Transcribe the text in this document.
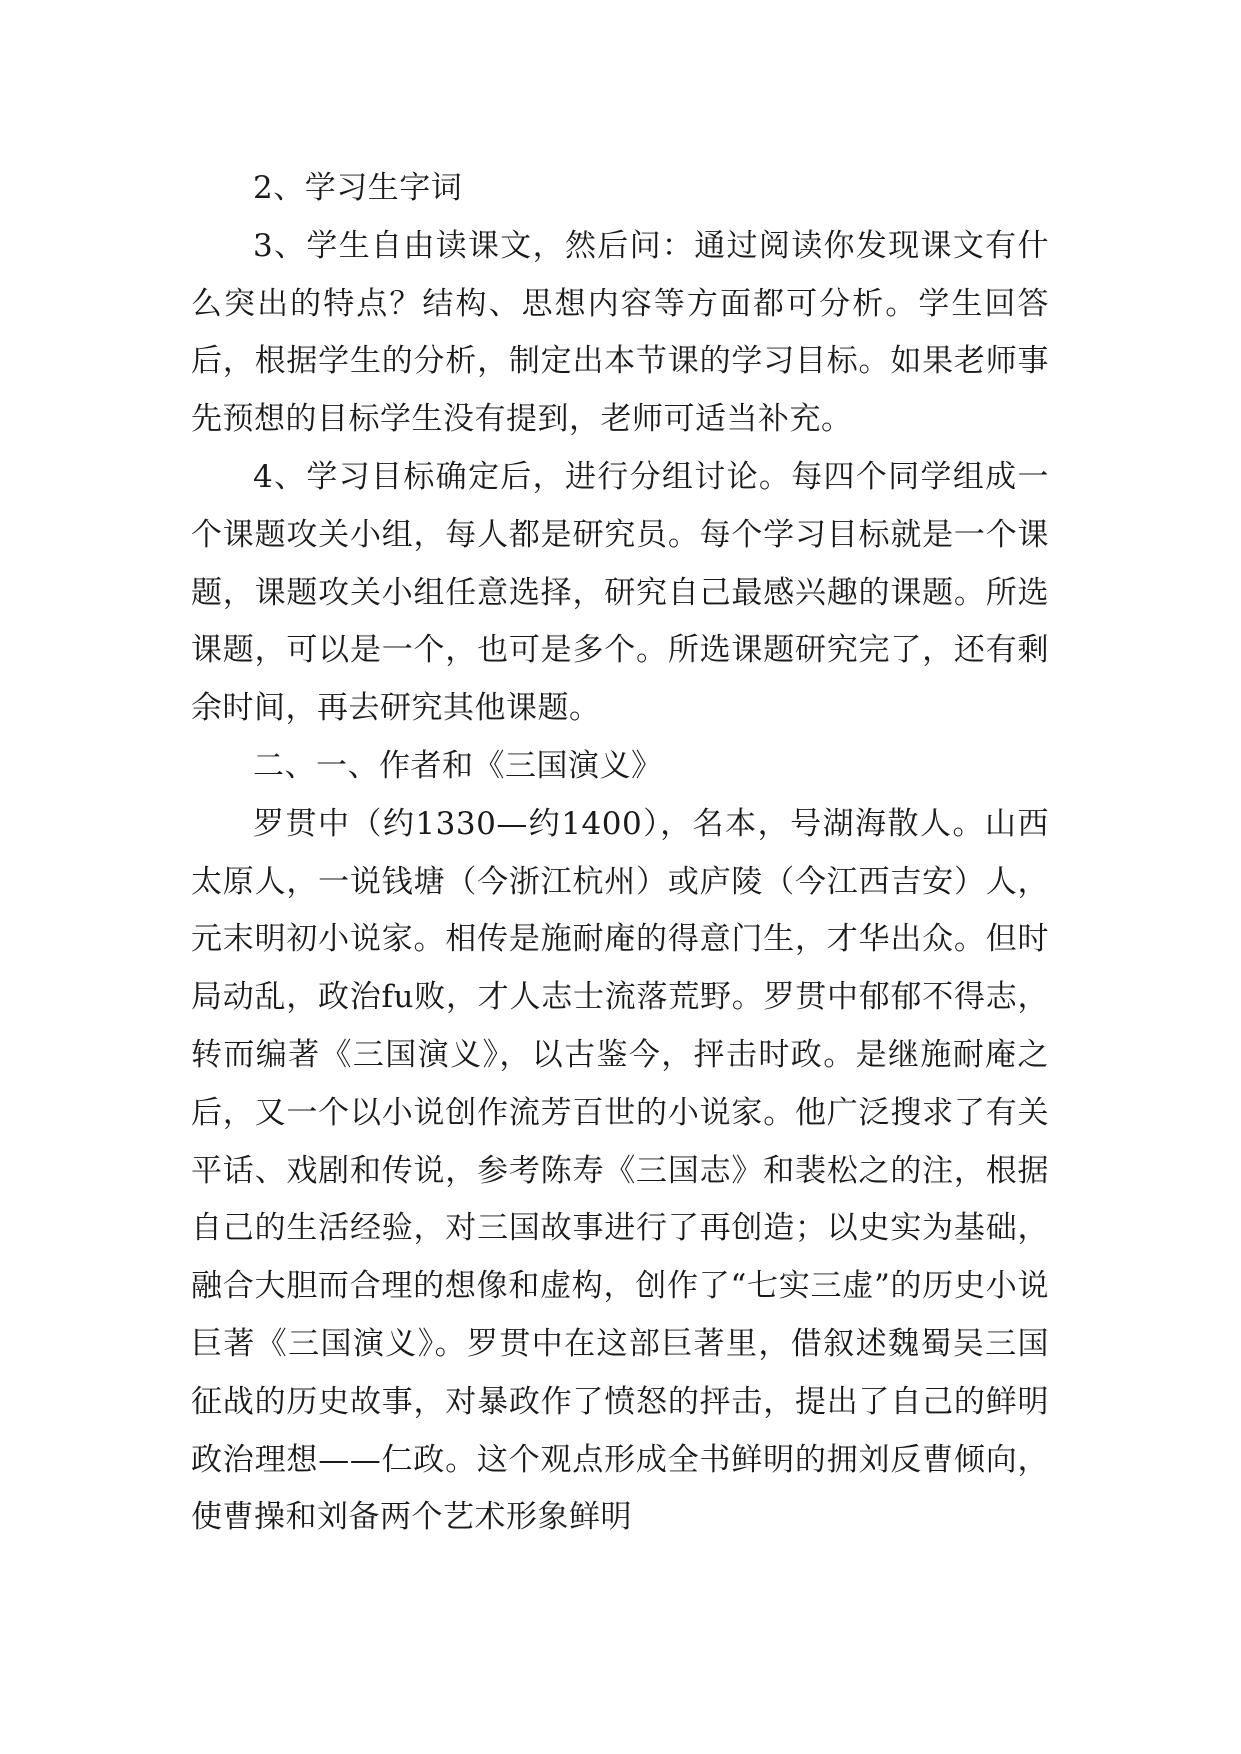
2、学习生字词

3、学生自由读课文，然后问：通过阅读你发现课文有什么突出的特点？结构、思想内容等方面都可分析。学生回答后，根据学生的分析，制定出本节课的学习目标。如果老师事先预想的目标学生没有提到，老师可适当补充。

4、学习目标确定后，进行分组讨论。每四个同学组成一个课题攻关小组，每人都是研究员。每个学习目标就是一个课题，课题攻关小组任意选择，研究自己最感兴趣的课题。所选课题，可以是一个，也可是多个。所选课题研究完了，还有剩余时间，再去研究其他课题。

二、一、作者和《三国演义》

罗贯中（约1330—约1400），名本，号湖海散人。山西太原人，一说钱塘（今浙江杭州）或庐陵（今江西吉安）人，元末明初小说家。相传是施耐庵的得意门生，才华出众。但时局动乱，政治fu败，才人志士流落荒野。罗贯中郁郁不得志，转而编著《三国演义》，以古鉴今，抨击时政。是继施耐庵之后，又一个以小说创作流芳百世的小说家。他广泛搜求了有关平话、戏剧和传说，参考陈寿《三国志》和裴松之的注，根据自己的生活经验，对三国故事进行了再创造；以史实为基础，融合大胆而合理的想像和虚构，创作了“七实三虚”的历史小说巨著《三国演义》。罗贯中在这部巨著里，借叙述魏蜀吴三国征战的历史故事，对暴政作了愤怒的抨击，提出了自己的鲜明政治理想——仁政。这个观点形成全书鲜明的拥刘反曹倾向，使曹操和刘备两个艺术形象鲜明
